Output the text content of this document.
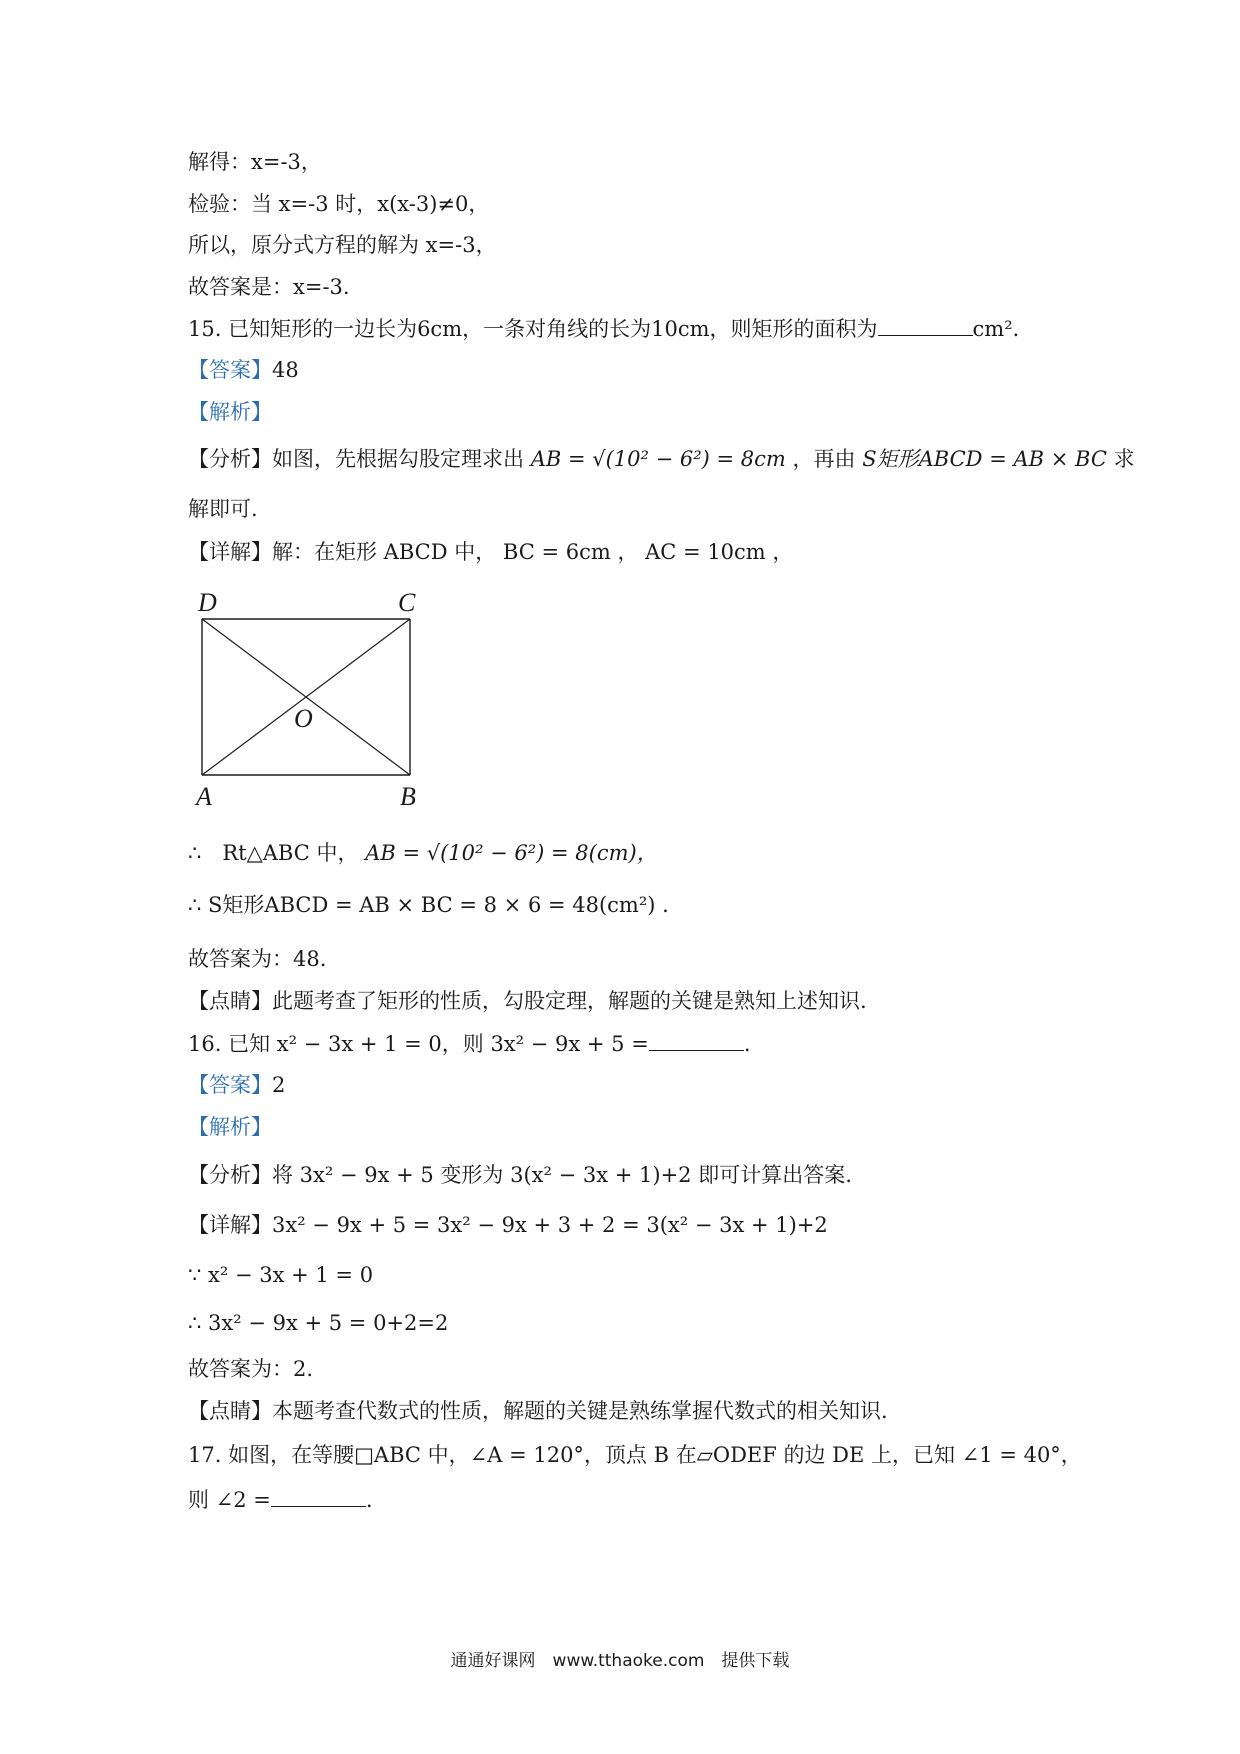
解得：x=-3，
检验：当 x=-3 时，x(x-3)≠0，
所以，原分式方程的解为 x=-3，
故答案是：x=-3.
15. 已知矩形的一边长为6cm，一条对角线的长为10cm，则矩形的面积为	cm²．
【答案】48
【解析】
【分析】如图，先根据勾股定理求出 AB = √(10² − 6²) = 8cm ，再由 S矩形ABCD = AB × BC 求
解即可.
【详解】解：在矩形 ABCD 中， BC = 6cm ， AC = 10cm ，
D	C
O
A	B
∴　Rt△ABC 中， AB = √(10² − 6²) = 8(cm)，
∴ S矩形ABCD = AB × BC = 8 × 6 = 48(cm²) .
故答案为：48.
【点睛】此题考查了矩形的性质，勾股定理，解题的关键是熟知上述知识.
16. 已知 x² − 3x + 1 = 0，则 3x² − 9x + 5 =	.
【答案】2
【解析】
【分析】将 3x² − 9x + 5 变形为 3(x² − 3x + 1)+2 即可计算出答案.
【详解】3x² − 9x + 5 = 3x² − 9x + 3 + 2 = 3(x² − 3x + 1)+2
∵ x² − 3x + 1 = 0
∴ 3x² − 9x + 5 = 0+2=2
故答案为：2.
【点睛】本题考查代数式的性质，解题的关键是熟练掌握代数式的相关知识.
17. 如图，在等腰□ABC 中，∠A = 120°，顶点 B 在▱ODEF 的边 DE 上，已知 ∠1 = 40°，
则 ∠2 =	.
通通好课网　www.tthaoke.com　提供下载
